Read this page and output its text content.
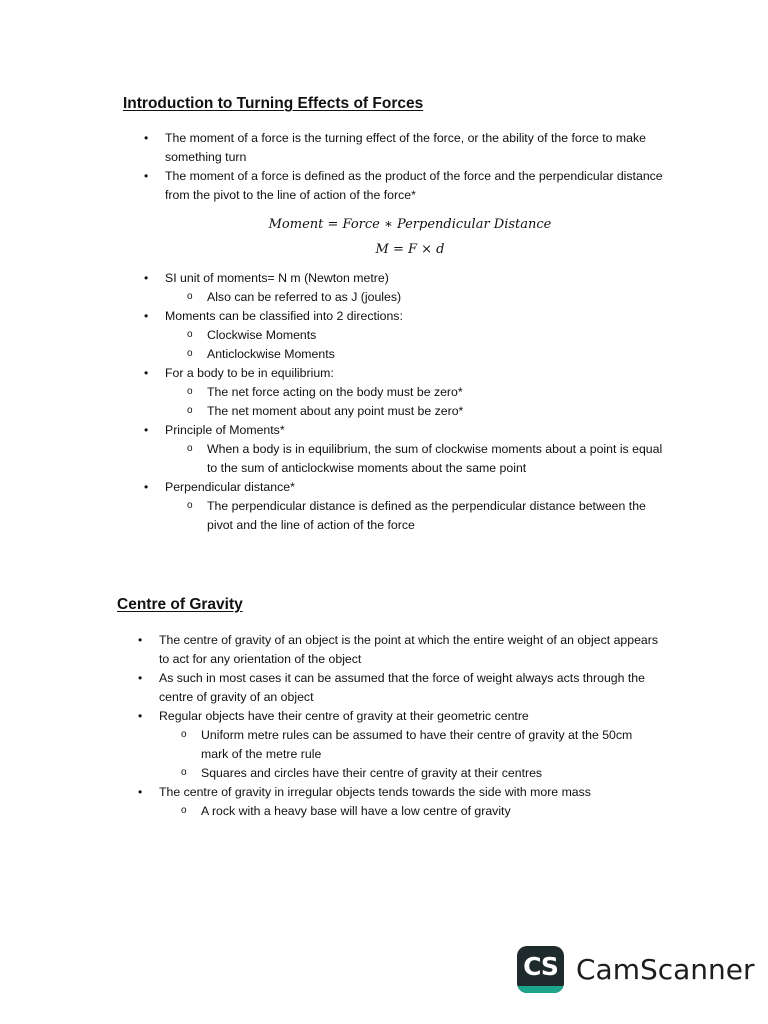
Introduction to Turning Effects of Forces
• The moment of a force is the turning effect of the force, or the ability of the force to make
something turn
• The moment of a force is defined as the product of the force and the perpendicular distance
from the pivot to the line of action of the force*

Moment = Force ∗ Perpendicular Distance

M = F × d

• SI unit of moments= N m (Newton metre)
o Also can be referred to as J (joules)
• Moments can be classified into 2 directions:
o Clockwise Moments
o Anticlockwise Moments
• For a body to be in equilibrium:
o The net force acting on the body must be zero*
o The net moment about any point must be zero*
• Principle of Moments*
o When a body is in equilibrium, the sum of clockwise moments about a point is equal
to the sum of anticlockwise moments about the same point
• Perpendicular distance*
o The perpendicular distance is defined as the perpendicular distance between the
pivot and the line of action of the force
Centre of Gravity
• The centre of gravity of an object is the point at which the entire weight of an object appears
to act for any orientation of the object
• As such in most cases it can be assumed that the force of weight always acts through the
centre of gravity of an object
• Regular objects have their centre of gravity at their geometric centre
o Uniform metre rules can be assumed to have their centre of gravity at the 50cm
mark of the metre rule
o Squares and circles have their centre of gravity at their centres
• The centre of gravity in irregular objects tends towards the side with more mass
o A rock with a heavy base will have a low centre of gravity
CS CamScanner
